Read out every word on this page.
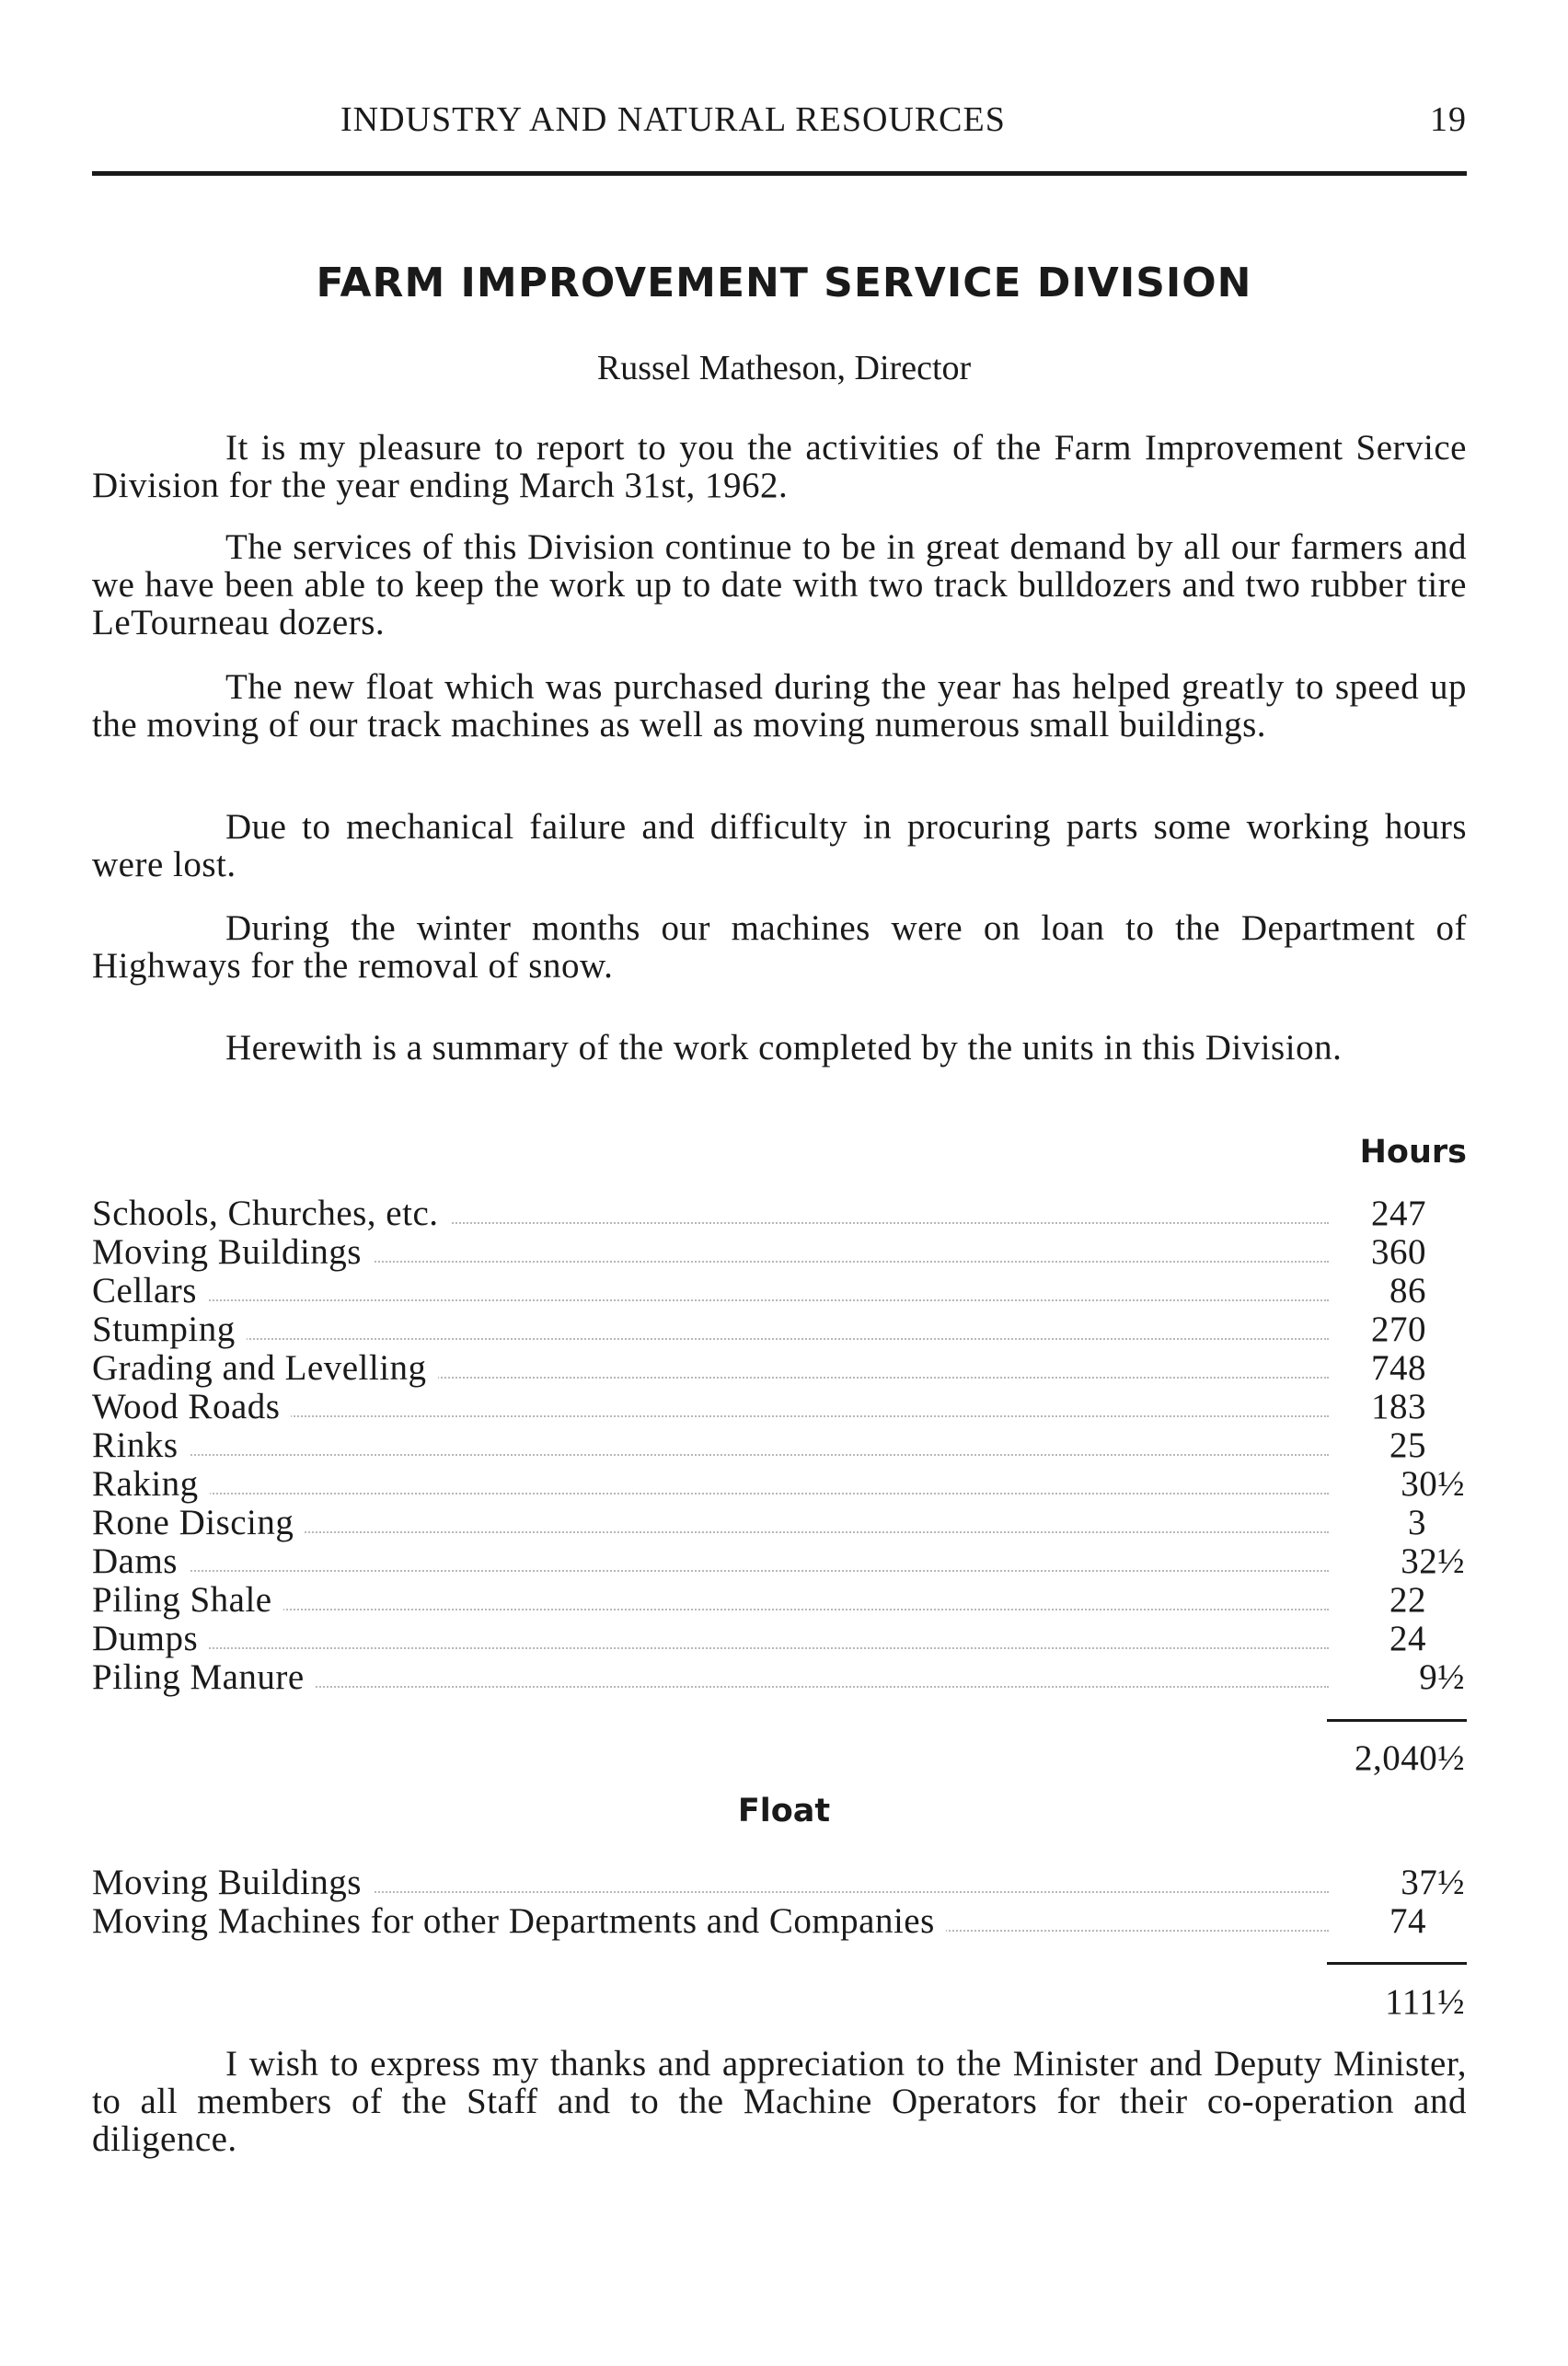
INDUSTRY AND NATURAL RESOURCES	19
FARM IMPROVEMENT SERVICE DIVISION
Russel Matheson, Director
It is my pleasure to report to you the activities of the Farm Improvement Service Division for the year ending March 31st, 1962.
The services of this Division continue to be in great demand by all our farmers and we have been able to keep the work up to date with two track bulldozers and two rubber tire LeTourneau dozers.
The new float which was purchased during the year has helped greatly to speed up the moving of our track machines as well as moving numerous small buildings.
Due to mechanical failure and difficulty in procuring parts some working hours were lost.
During the winter months our machines were on loan to the Department of Highways for the removal of snow.
Herewith is a summary of the work completed by the units in this Division.
Hours
Schools, Churches, etc.	247
Moving Buildings	360
Cellars	86
Stumping	270
Grading and Levelling	748
Wood Roads	183
Rinks	25
Raking	30½
Rone Discing	3
Dams	32½
Piling Shale	22
Dumps	24
Piling Manure	9½
2,040½
Float
Moving Buildings	37½
Moving Machines for other Departments and Companies	74
111½
I wish to express my thanks and appreciation to the Minister and Deputy Minister, to all members of the Staff and to the Machine Operators for their co-operation and diligence.
